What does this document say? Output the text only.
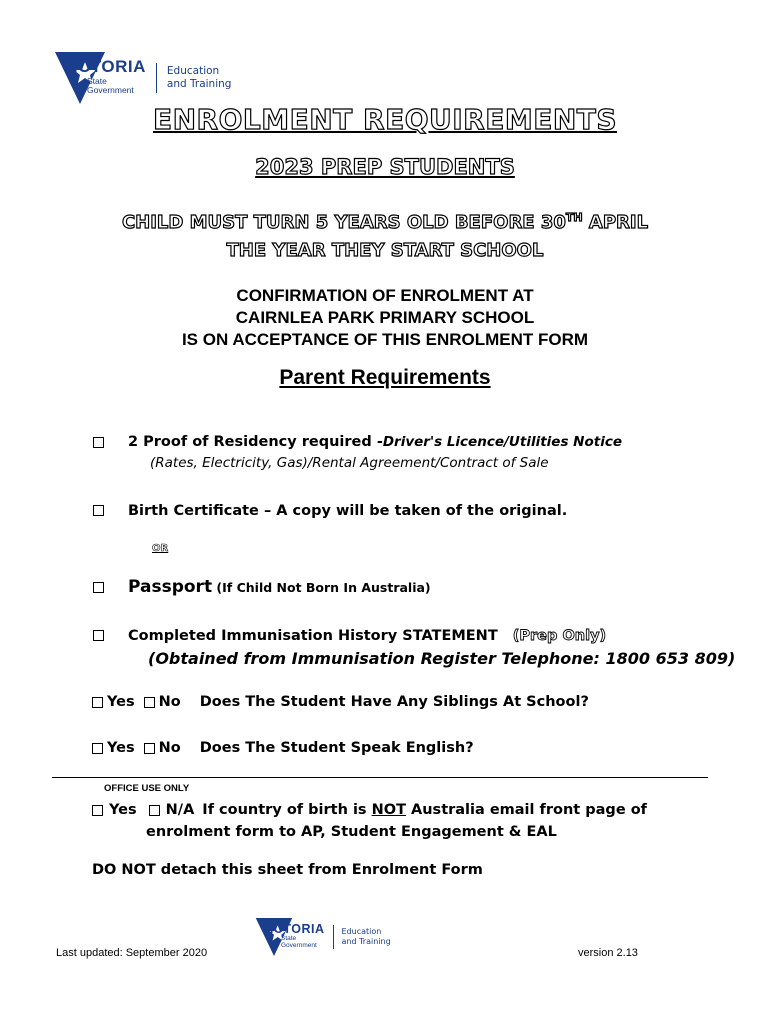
VICTORIA
State
Government
Education
and Training
ENROLMENT REQUIREMENTS
2023 PREP STUDENTS
CHILD MUST TURN 5 YEARS OLD BEFORE 30TH APRIL
THE YEAR THEY START SCHOOL
CONFIRMATION OF ENROLMENT AT
CAIRNLEA PARK PRIMARY SCHOOL
IS ON ACCEPTANCE OF THIS ENROLMENT FORM
Parent Requirements
2 Proof of Residency required -Driver's Licence/Utilities Notice
(Rates, Electricity, Gas)/Rental Agreement/Contract of Sale
Birth Certificate – A copy will be taken of the original.
OR
Passport (If Child Not Born In Australia)
Completed Immunisation History STATEMENT (Prep Only)
(Obtained from Immunisation Register Telephone: 1800 653 809)
Yes No Does The Student Have Any Siblings At School?
Yes No Does The Student Speak English?
OFFICE USE ONLY
Yes N/A If country of birth is NOT Australia email front page of
enrolment form to AP, Student Engagement & EAL
DO NOT detach this sheet from Enrolment Form
VICTORIA
State
Government
Education
and Training
Last updated: September 2020	version 2.13
